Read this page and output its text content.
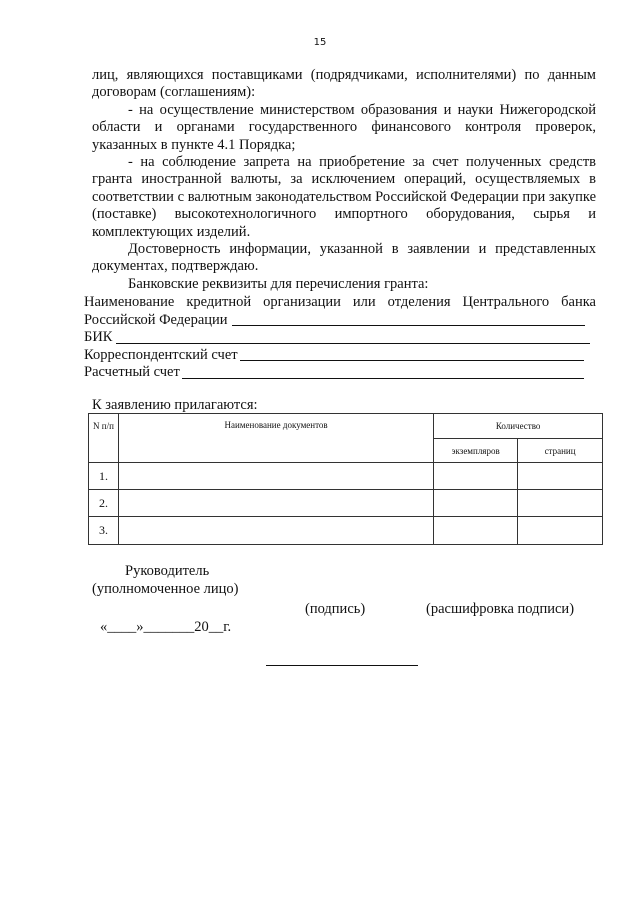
15

лиц, являющихся поставщиками (подрядчиками, исполнителями) по данным договорам (соглашениям):

- на осуществление министерством образования и науки Нижегородской области и органами государственного финансового контроля проверок, указанных в пункте 4.1 Порядка;

- на соблюдение запрета на приобретение за счет полученных средств гранта иностранной валюты, за исключением операций, осуществляемых в соответствии с валютным законодательством Российской Федерации при закупке (поставке) высокотехнологичного импортного оборудования, сырья и комплектующих изделий.

Достоверность информации, указанной в заявлении и представленных документах, подтверждаю.

Банковские реквизиты для перечисления гранта:

Наименование кредитной организации или отделения Центрального банка
Российской Федерации
БИК
Корреспондентский счет
Расчетный счет
К заявлению прилагаются:
N п/п	Наименование документов	Количество	
		экземпляров	страниц
1.			
2.			
3.			
Руководитель
(уполномоченное лицо)
(подпись)	(расшифровка подписи)
«____»_______20__г.
